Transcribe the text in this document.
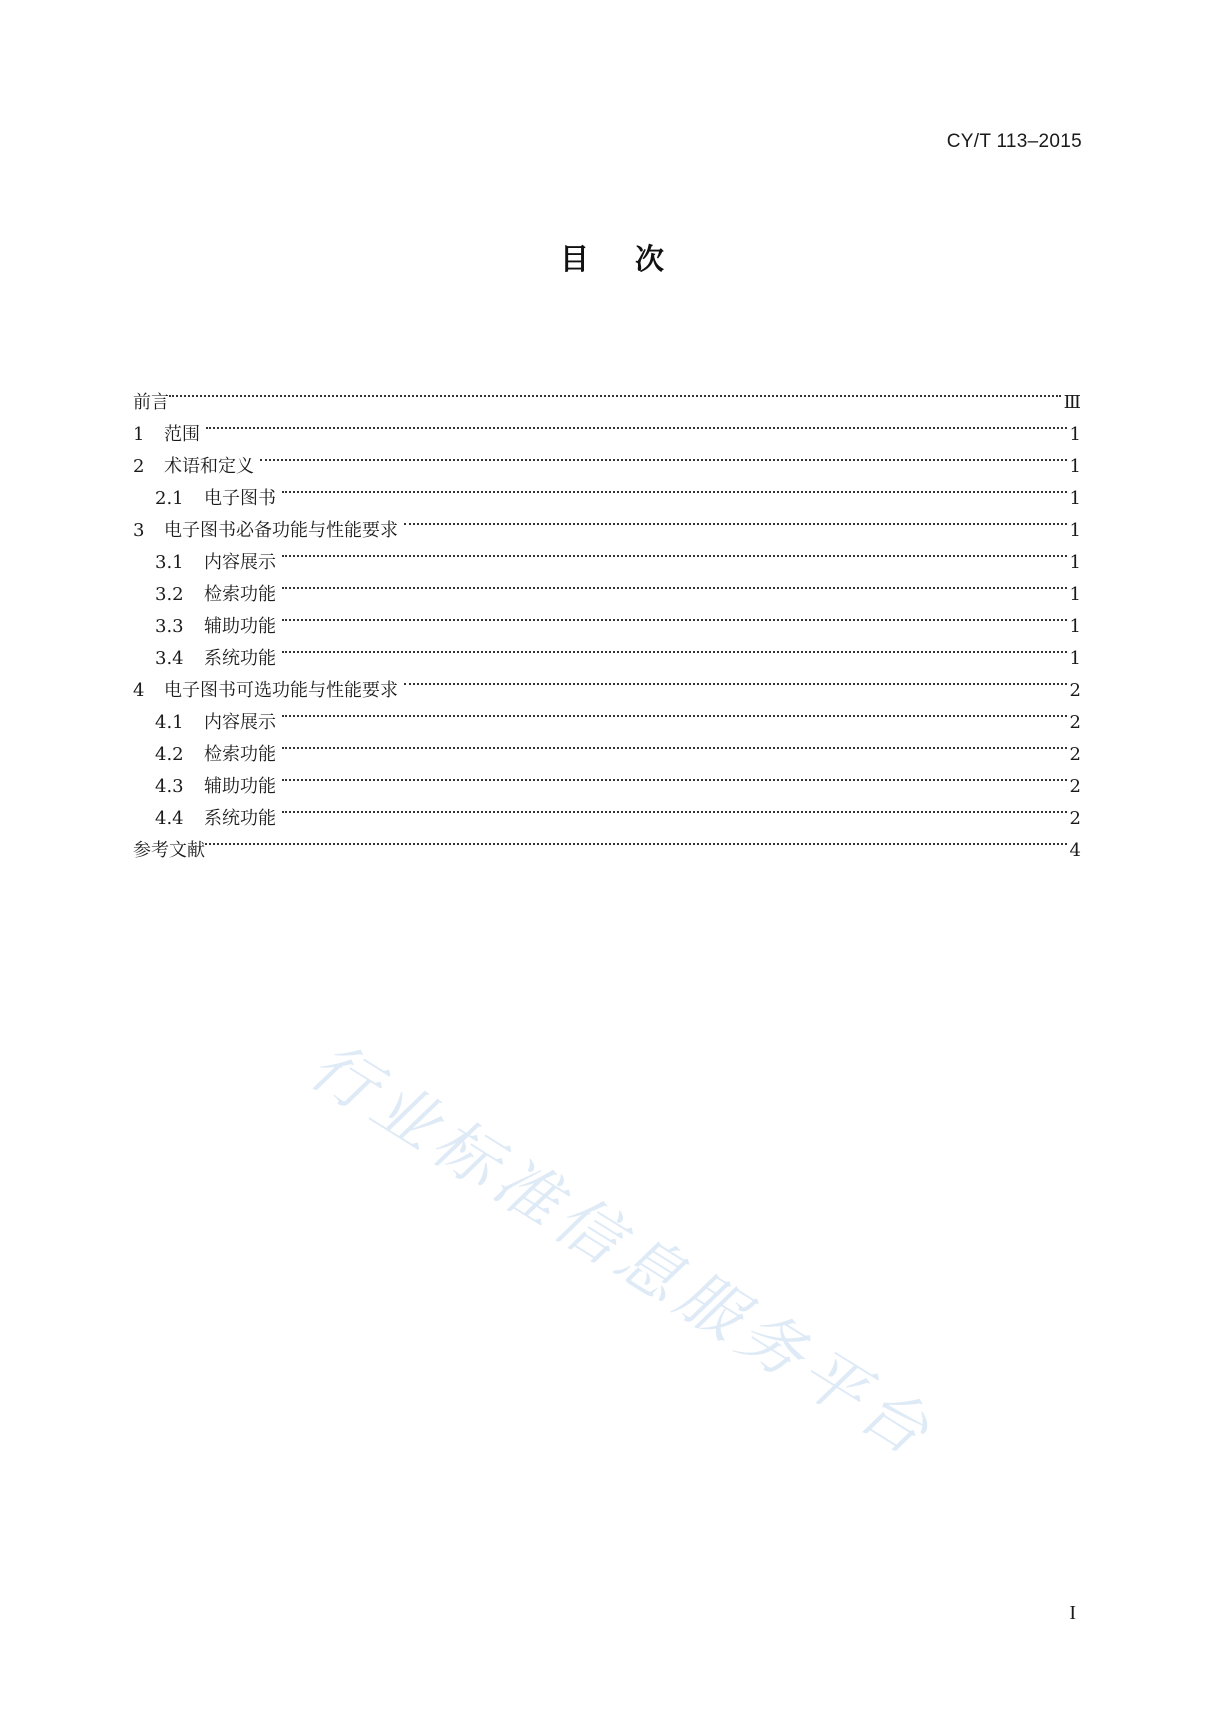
CY/T 113–2015
目次
前言	Ⅲ
1	范围	1
2	术语和定义	1
2.1	电子图书	1
3	电子图书必备功能与性能要求	1
3.1	内容展示	1
3.2	检索功能	1
3.3	辅助功能	1
3.4	系统功能	1
4	电子图书可选功能与性能要求	2
4.1	内容展示	2
4.2	检索功能	2
4.3	辅助功能	2
4.4	系统功能	2
参考文献	4
行业标准信息服务平台
I
